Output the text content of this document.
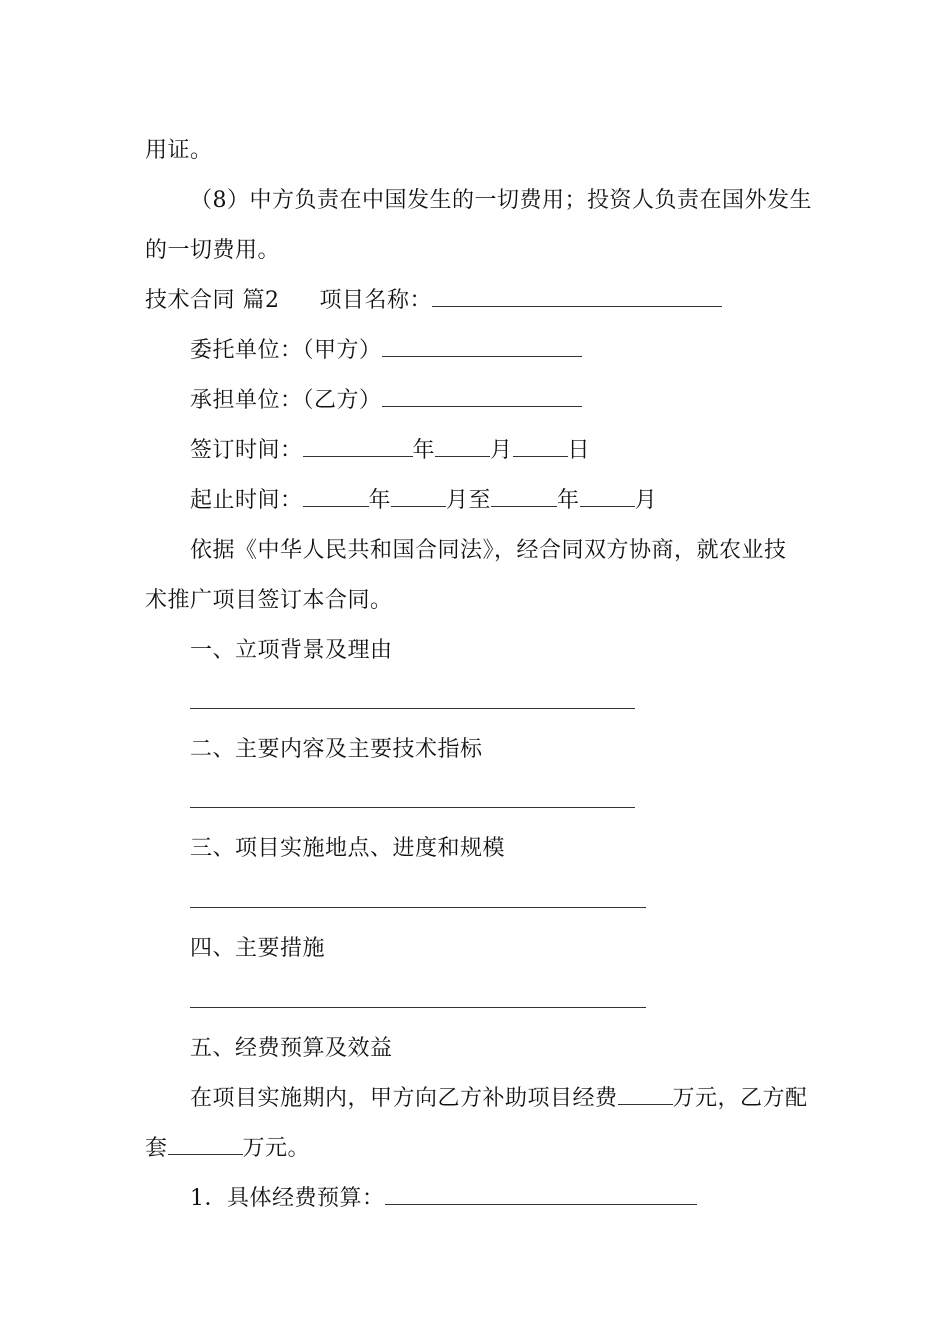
用证。
（8）中方负责在中国发生的一切费用；投资人负责在国外发生
的一切费用。
技术合同 篇2 项目名称：
委托单位：（甲方）
承担单位：（乙方）
签订时间：	年	月	日
起止时间：	年	月至	年	月
依据《中华人民共和国合同法》，经合同双方协商，就农业技
术推广项目签订本合同。
一、立项背景及理由
二、主要内容及主要技术指标
三、项目实施地点、进度和规模
四、主要措施
五、经费预算及效益
在项目实施期内，甲方向乙方补助项目经费	万元，乙方配
套	万元。
1．具体经费预算：
